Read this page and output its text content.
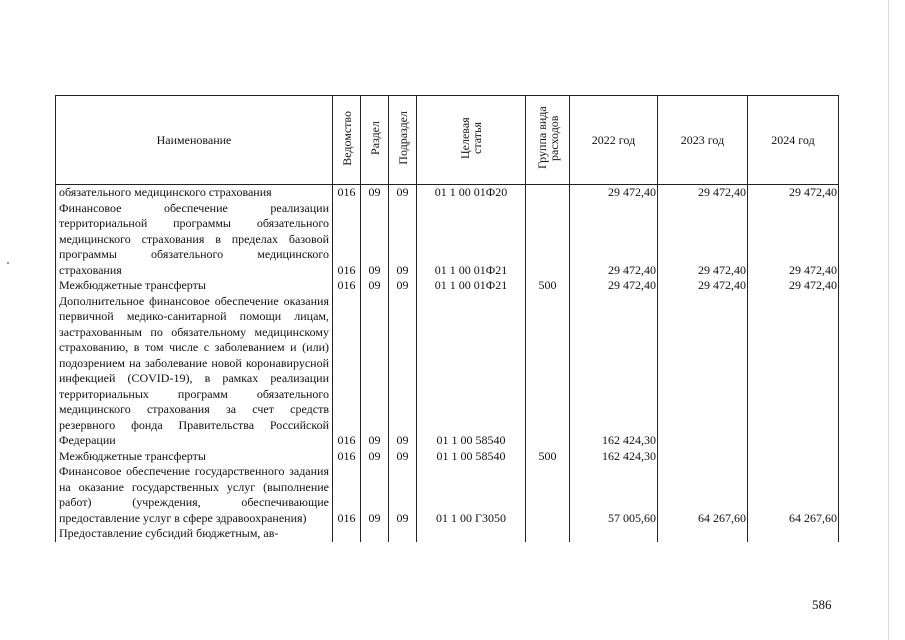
Наименование	Ведомство	Раздел	Подраздел	Целевая статья	Группа вида расходов	2022 год	2023 год	2024 год
обязательного медицинского страхования	016	09	09	01 1 00 01Ф20		29 472,40	29 472,40	29 472,40
Финансовое обеспечение реализации территориальной программы обязательного медицинского страхования в пределах базовой программы обязательного медицинского страхования	016	09	09	01 1 00 01Ф21		29 472,40	29 472,40	29 472,40
Межбюджетные трансферты	016	09	09	01 1 00 01Ф21	500	29 472,40	29 472,40	29 472,40
Дополнительное финансовое обеспечение оказания первичной медико-санитарной помощи лицам, застрахованным по обязательному медицинскому страхованию, в том числе с заболеванием и (или) подозрением на заболевание новой коронавирусной инфекцией (COVID-19), в рамках реализации территориальных программ обязательного медицинского страхования за счет средств резервного фонда Правительства Российской Федерации	016	09	09	01 1 00 58540		162 424,30		
Межбюджетные трансферты	016	09	09	01 1 00 58540	500	162 424,30		
Финансовое обеспечение государственного задания на оказание государственных услуг (выполнение работ) (учреждения, обеспечивающие предоставление услуг в сфере здравоохранения)	016	09	09	01 1 00 Г3050		57 005,60	64 267,60	64 267,60
Предоставление субсидий бюджетным, ав-								
586
